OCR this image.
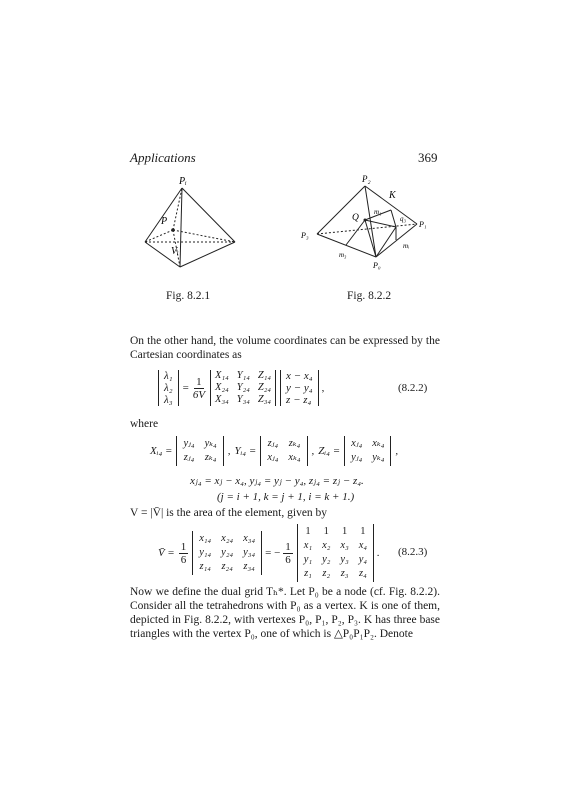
Applications	369
Pᵢ
P
Vᵢ
Fig. 8.2.1
P₂
K
Q
m₁
q₃
P₁
P₃
mᵢ
m₃
P₀
Fig. 8.2.2
On the other hand, the volume coordinates can be expressed by the Cartesian coordinates as
λ₁
λ₂
λ₃
= $\frac{1}{6V} X_{14}$	Y₁₄	Z₁₄
X₂₄	Y₂₄	Z₂₄
X₃₄	Y₃₄	Z₃₄
x − x₄
y − y₄
z − z₄
,	(8.2.2)
where
Xᵢ₄ =
yⱼ₄	yₖ₄
zⱼ₄	zₖ₄
, Yᵢ₄ =
zⱼ₄	zₖ₄
xⱼ₄	xₖ₄
, Zᵢ₄ =
xⱼ₄	xₖ₄
yⱼ₄	yₖ₄
,
xⱼ₄ = xⱼ − x₄, yⱼ₄ = yⱼ − y₄, zⱼ₄ = zⱼ − z₄.
(j = i + 1, k = j + 1, i = k + 1.)
V = |V̄| is the area of the element, given by
V̄ = $\frac{1}{6}$
x₁₄	x₂₄	x₃₄
y₁₄	y₂₄	y₃₄
z₁₄	z₂₄	z₃₄
= − $\frac{1}{6}$
1	1	1	1
x₁	x₂	x₃	x₄
y₁	y₂	y₃	y₄
z₁	z₂	z₃	z₄
. (8.2.3)
Now we define the dual grid Tₕ*. Let P₀ be a node (cf. Fig. 8.2.2). Consider all the tetrahedrons with P₀ as a vertex. K is one of them, depicted in Fig. 8.2.2, with vertexes P₀, P₁, P₂, P₃. K has three base triangles with the vertex P₀, one of which is △P₀P₁P₂. Denote
